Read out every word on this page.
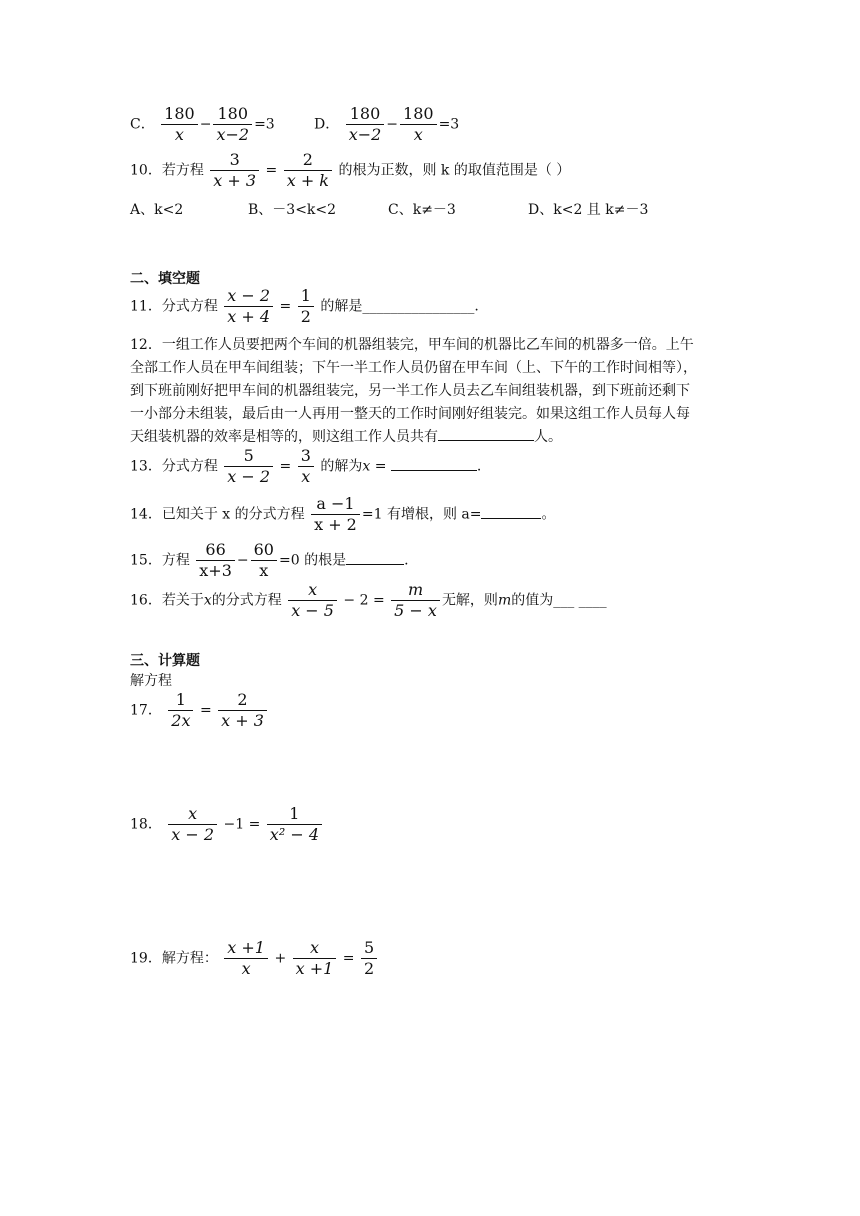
C． $\frac{180}{x} - \frac{180}{x-2} =3$	D． $\frac{180}{x-2} - \frac{180}{x} =3$
10．若方程 $\frac{3}{x + 3} = \frac{2}{x + k}$ 的根为正数，则 k 的取值范围是（ ）
A、k<2	B、－3<k<2	C、k≠－3	D、k<2 且 k≠－3
二、填空题
11．分式方程 $\frac{x - 2}{x + 4} = \frac{1}{2}$ 的解是________________.
12．一组工作人员要把两个车间的机器组装完，甲车间的机器比乙车间的机器多一倍。上午
全部工作人员在甲车间组装；下午一半工作人员仍留在甲车间（上、下午的工作时间相等），
到下班前刚好把甲车间的机器组装完，另一半工作人员去乙车间组装机器，到下班前还剩下
一小部分未组装，最后由一人再用一整天的工作时间刚好组装完。如果这组工作人员每人每
天组装机器的效率是相等的，则这组工作人员共有	人。
13．分式方程 $\frac{5}{x - 2} = \frac{3}{x}$ 的解为x =	.
14．已知关于 x 的分式方程 $\frac{a -1}{x + 2} =1$ 有增根，则 a=	。
15．方程 $\frac{66}{x+3} - \frac{60}{x} =0$ 的根是	.
16．若关于x的分式方程 $\frac{x}{x - 5} - 2 = \frac{m}{5 - x}$ 无解，则m的值为___ ____
三、计算题
解方程
17． $\frac{1}{2x} = \frac{2}{x + 3}$
18． $\frac{x}{x - 2} -1 = \frac{1}{\text{x² − 4}}$
19．解方程： $\frac{x +1}{x} + \frac{x}{x +1} = \frac{5}{2}$
